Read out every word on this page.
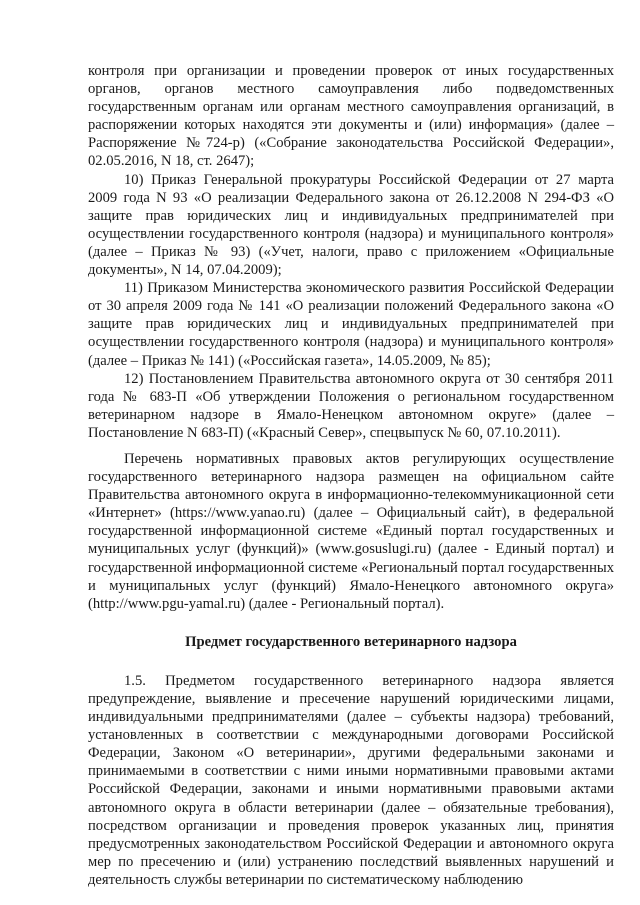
контроля при организации и проведении проверок от иных государственных органов, органов местного самоуправления либо подведомственных государственным органам или органам местного самоуправления организаций, в распоряжении которых находятся эти документы и (или) информация» (далее – Распоряжение №724-р) («Собрание законодательства Российской Федерации», 02.05.2016, N 18, ст. 2647);

10) Приказ Генеральной прокуратуры Российской Федерации от 27 марта 2009 года N 93 «О реализации Федерального закона от 26.12.2008 N 294-ФЗ «О защите прав юридических лиц и индивидуальных предпринимателей при осуществлении государственного контроля (надзора) и муниципального контроля» (далее – Приказ № 93) («Учет, налоги, право с приложением «Официальные документы», N 14, 07.04.2009);

11) Приказом Министерства экономического развития Российской Федерации от 30 апреля 2009 года № 141 «О реализации положений Федерального закона «О защите прав юридических лиц и индивидуальных предпринимателей при осуществлении государственного контроля (надзора) и муниципального контроля» (далее – Приказ № 141) («Российская газета», 14.05.2009, № 85);

12) Постановлением Правительства автономного округа от 30 сентября 2011 года № 683-П «Об утверждении Положения о региональном государственном ветеринарном надзоре в Ямало-Ненецком автономном округе» (далее – Постановление N 683-П) («Красный Север», спецвыпуск № 60, 07.10.2011).

Перечень нормативных правовых актов регулирующих осуществление государственного ветеринарного надзора размещен на официальном сайте Правительства автономного округа в информационно-телекоммуникационной сети «Интернет» (https://www.yanao.ru) (далее – Официальный сайт), в федеральной государственной информационной системе «Единый портал государственных и муниципальных услуг (функций)» (www.gosuslugi.ru) (далее - Единый портал) и государственной информационной системе «Региональный портал государственных и муниципальных услуг (функций) Ямало-Ненецкого автономного округа» (http://www.pgu-yamal.ru) (далее - Региональный портал).

Предмет государственного ветеринарного надзора

1.5. Предметом государственного ветеринарного надзора является предупреждение, выявление и пресечение нарушений юридическими лицами, индивидуальными предпринимателями (далее – субъекты надзора) требований, установленных в соответствии с международными договорами Российской Федерации, Законом «О ветеринарии», другими федеральными законами и принимаемыми в соответствии с ними иными нормативными правовыми актами Российской Федерации, законами и иными нормативными правовыми актами автономного округа в области ветеринарии (далее – обязательные требования), посредством организации и проведения проверок указанных лиц, принятия предусмотренных законодательством Российской Федерации и автономного округа мер по пресечению и (или) устранению последствий выявленных нарушений и деятельность службы ветеринарии по систематическому наблюдению
